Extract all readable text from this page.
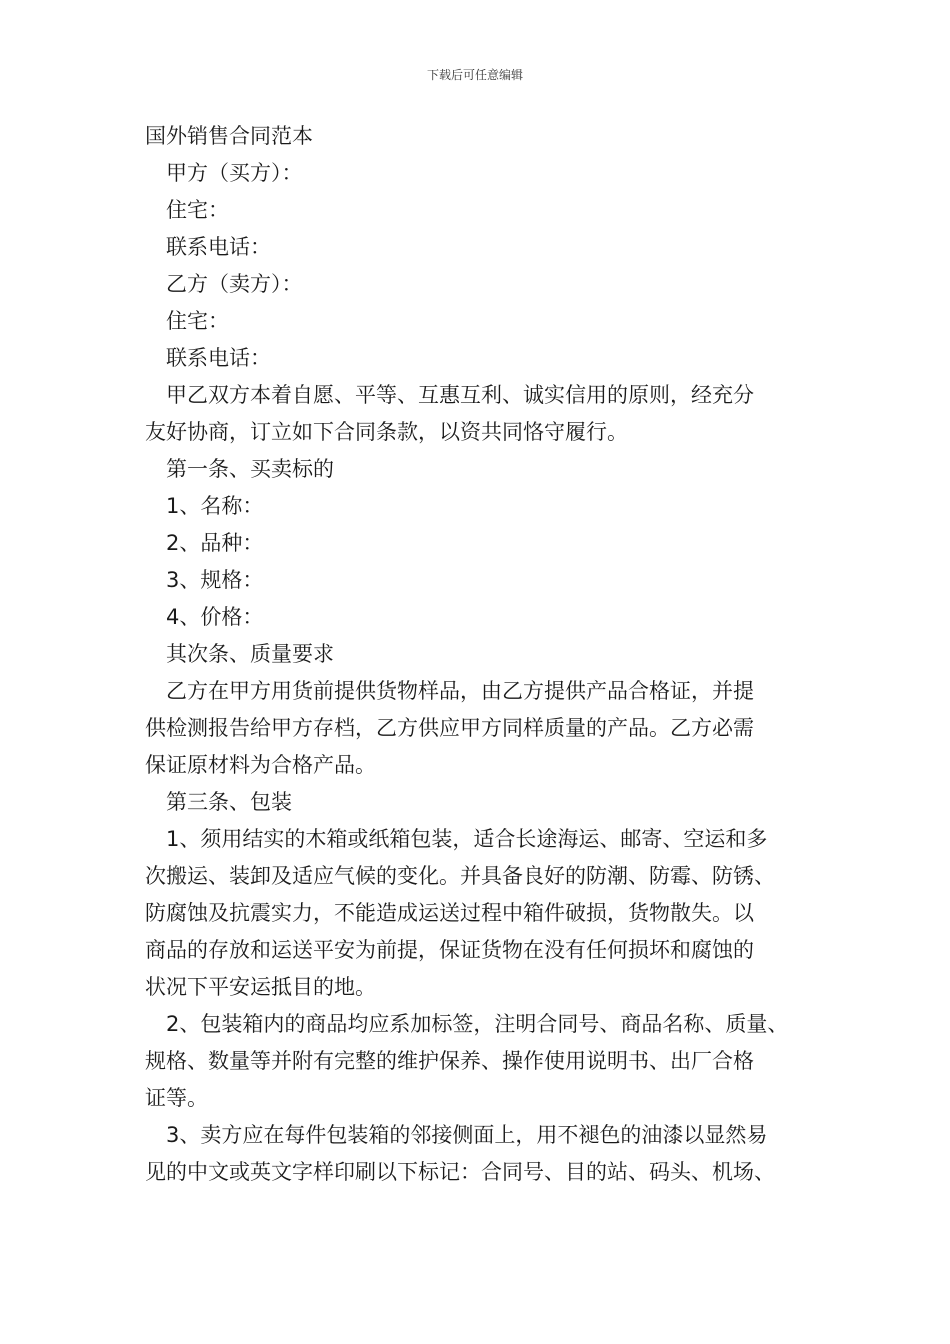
下载后可任意编辑
国外销售合同范本
甲方（买方）：
住宅：
联系电话：
乙方（卖方）：
住宅：
联系电话：
甲乙双方本着自愿、平等、互惠互利、诚实信用的原则，经充分
友好协商，订立如下合同条款，以资共同恪守履行。
第一条、买卖标的
1、名称：
2、品种：
3、规格：
4、价格：
其次条、质量要求
乙方在甲方用货前提供货物样品，由乙方提供产品合格证，并提
供检测报告给甲方存档，乙方供应甲方同样质量的产品。乙方必需
保证原材料为合格产品。
第三条、包装
1、须用结实的木箱或纸箱包装，适合长途海运、邮寄、空运和多
次搬运、装卸及适应气候的变化。并具备良好的防潮、防霉、防锈、
防腐蚀及抗震实力，不能造成运送过程中箱件破损，货物散失。以
商品的存放和运送平安为前提，保证货物在没有任何损坏和腐蚀的
状况下平安运抵目的地。
2、包装箱内的商品均应系加标签，注明合同号、商品名称、质量、
规格、数量等并附有完整的维护保养、操作使用说明书、出厂合格
证等。
3、卖方应在每件包装箱的邻接侧面上，用不褪色的油漆以显然易
见的中文或英文字样印刷以下标记：合同号、目的站、码头、机场、
